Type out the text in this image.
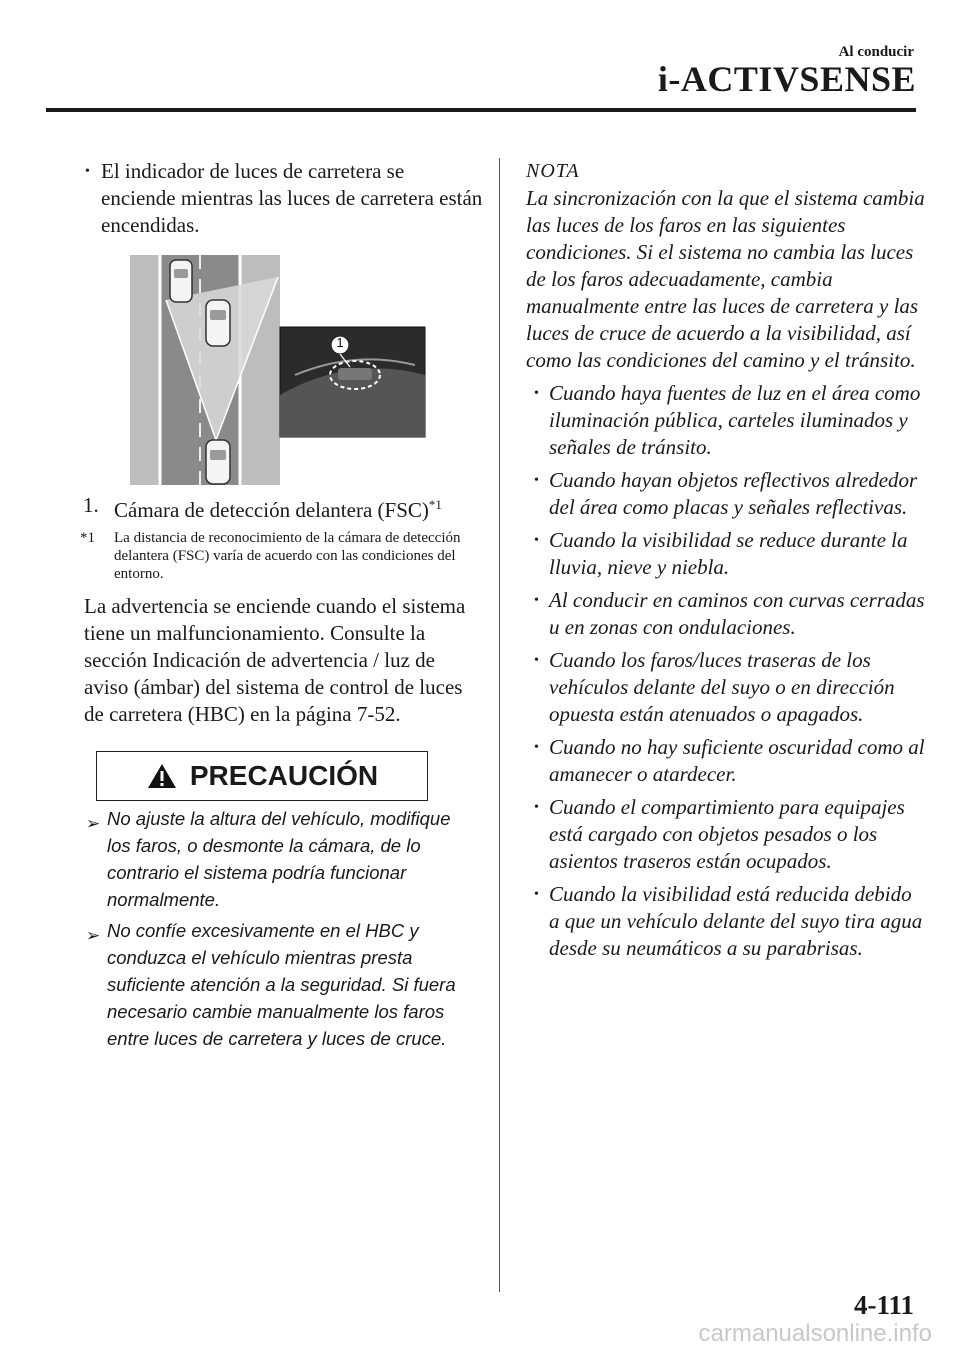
Al conducir
i-ACTIVSENSE
• El indicador de luces de carretera se enciende mientras las luces de carretera están encendidas.
1
1. Cámara de detección delantera (FSC)$^{*1}$
*1 La distancia de reconocimiento de la cámara de detección delantera (FSC) varía de acuerdo con las condiciones del entorno.
La advertencia se enciende cuando el sistema tiene un malfuncionamiento. Consulte la sección Indicación de advertencia / luz de aviso (ámbar) del sistema de control de luces de carretera (HBC) en la página 7-52.
PRECAUCIÓN
➢ No ajuste la altura del vehículo, modifique los faros, o desmonte la cámara, de lo contrario el sistema podría funcionar normalmente.
➢ No confíe excesivamente en el HBC y conduzca el vehículo mientras presta suficiente atención a la seguridad. Si fuera necesario cambie manualmente los faros entre luces de carretera y luces de cruce.
NOTA
La sincronización con la que el sistema cambia las luces de los faros en las siguientes condiciones. Si el sistema no cambia las luces de los faros adecuadamente, cambia manualmente entre las luces de carretera y las luces de cruce de acuerdo a la visibilidad, así como las condiciones del camino y el tránsito.
• Cuando haya fuentes de luz en el área como iluminación pública, carteles iluminados y señales de tránsito.
• Cuando hayan objetos reflectivos alrededor del área como placas y señales reflectivas.
• Cuando la visibilidad se reduce durante la lluvia, nieve y niebla.
• Al conducir en caminos con curvas cerradas u en zonas con ondulaciones.
• Cuando los faros/luces traseras de los vehículos delante del suyo o en dirección opuesta están atenuados o apagados.
• Cuando no hay suficiente oscuridad como al amanecer o atardecer.
• Cuando el compartimiento para equipajes está cargado con objetos pesados o los asientos traseros están ocupados.
• Cuando la visibilidad está reducida debido a que un vehículo delante del suyo tira agua desde su neumáticos a su parabrisas.
4-111
carmanualsonline.info
